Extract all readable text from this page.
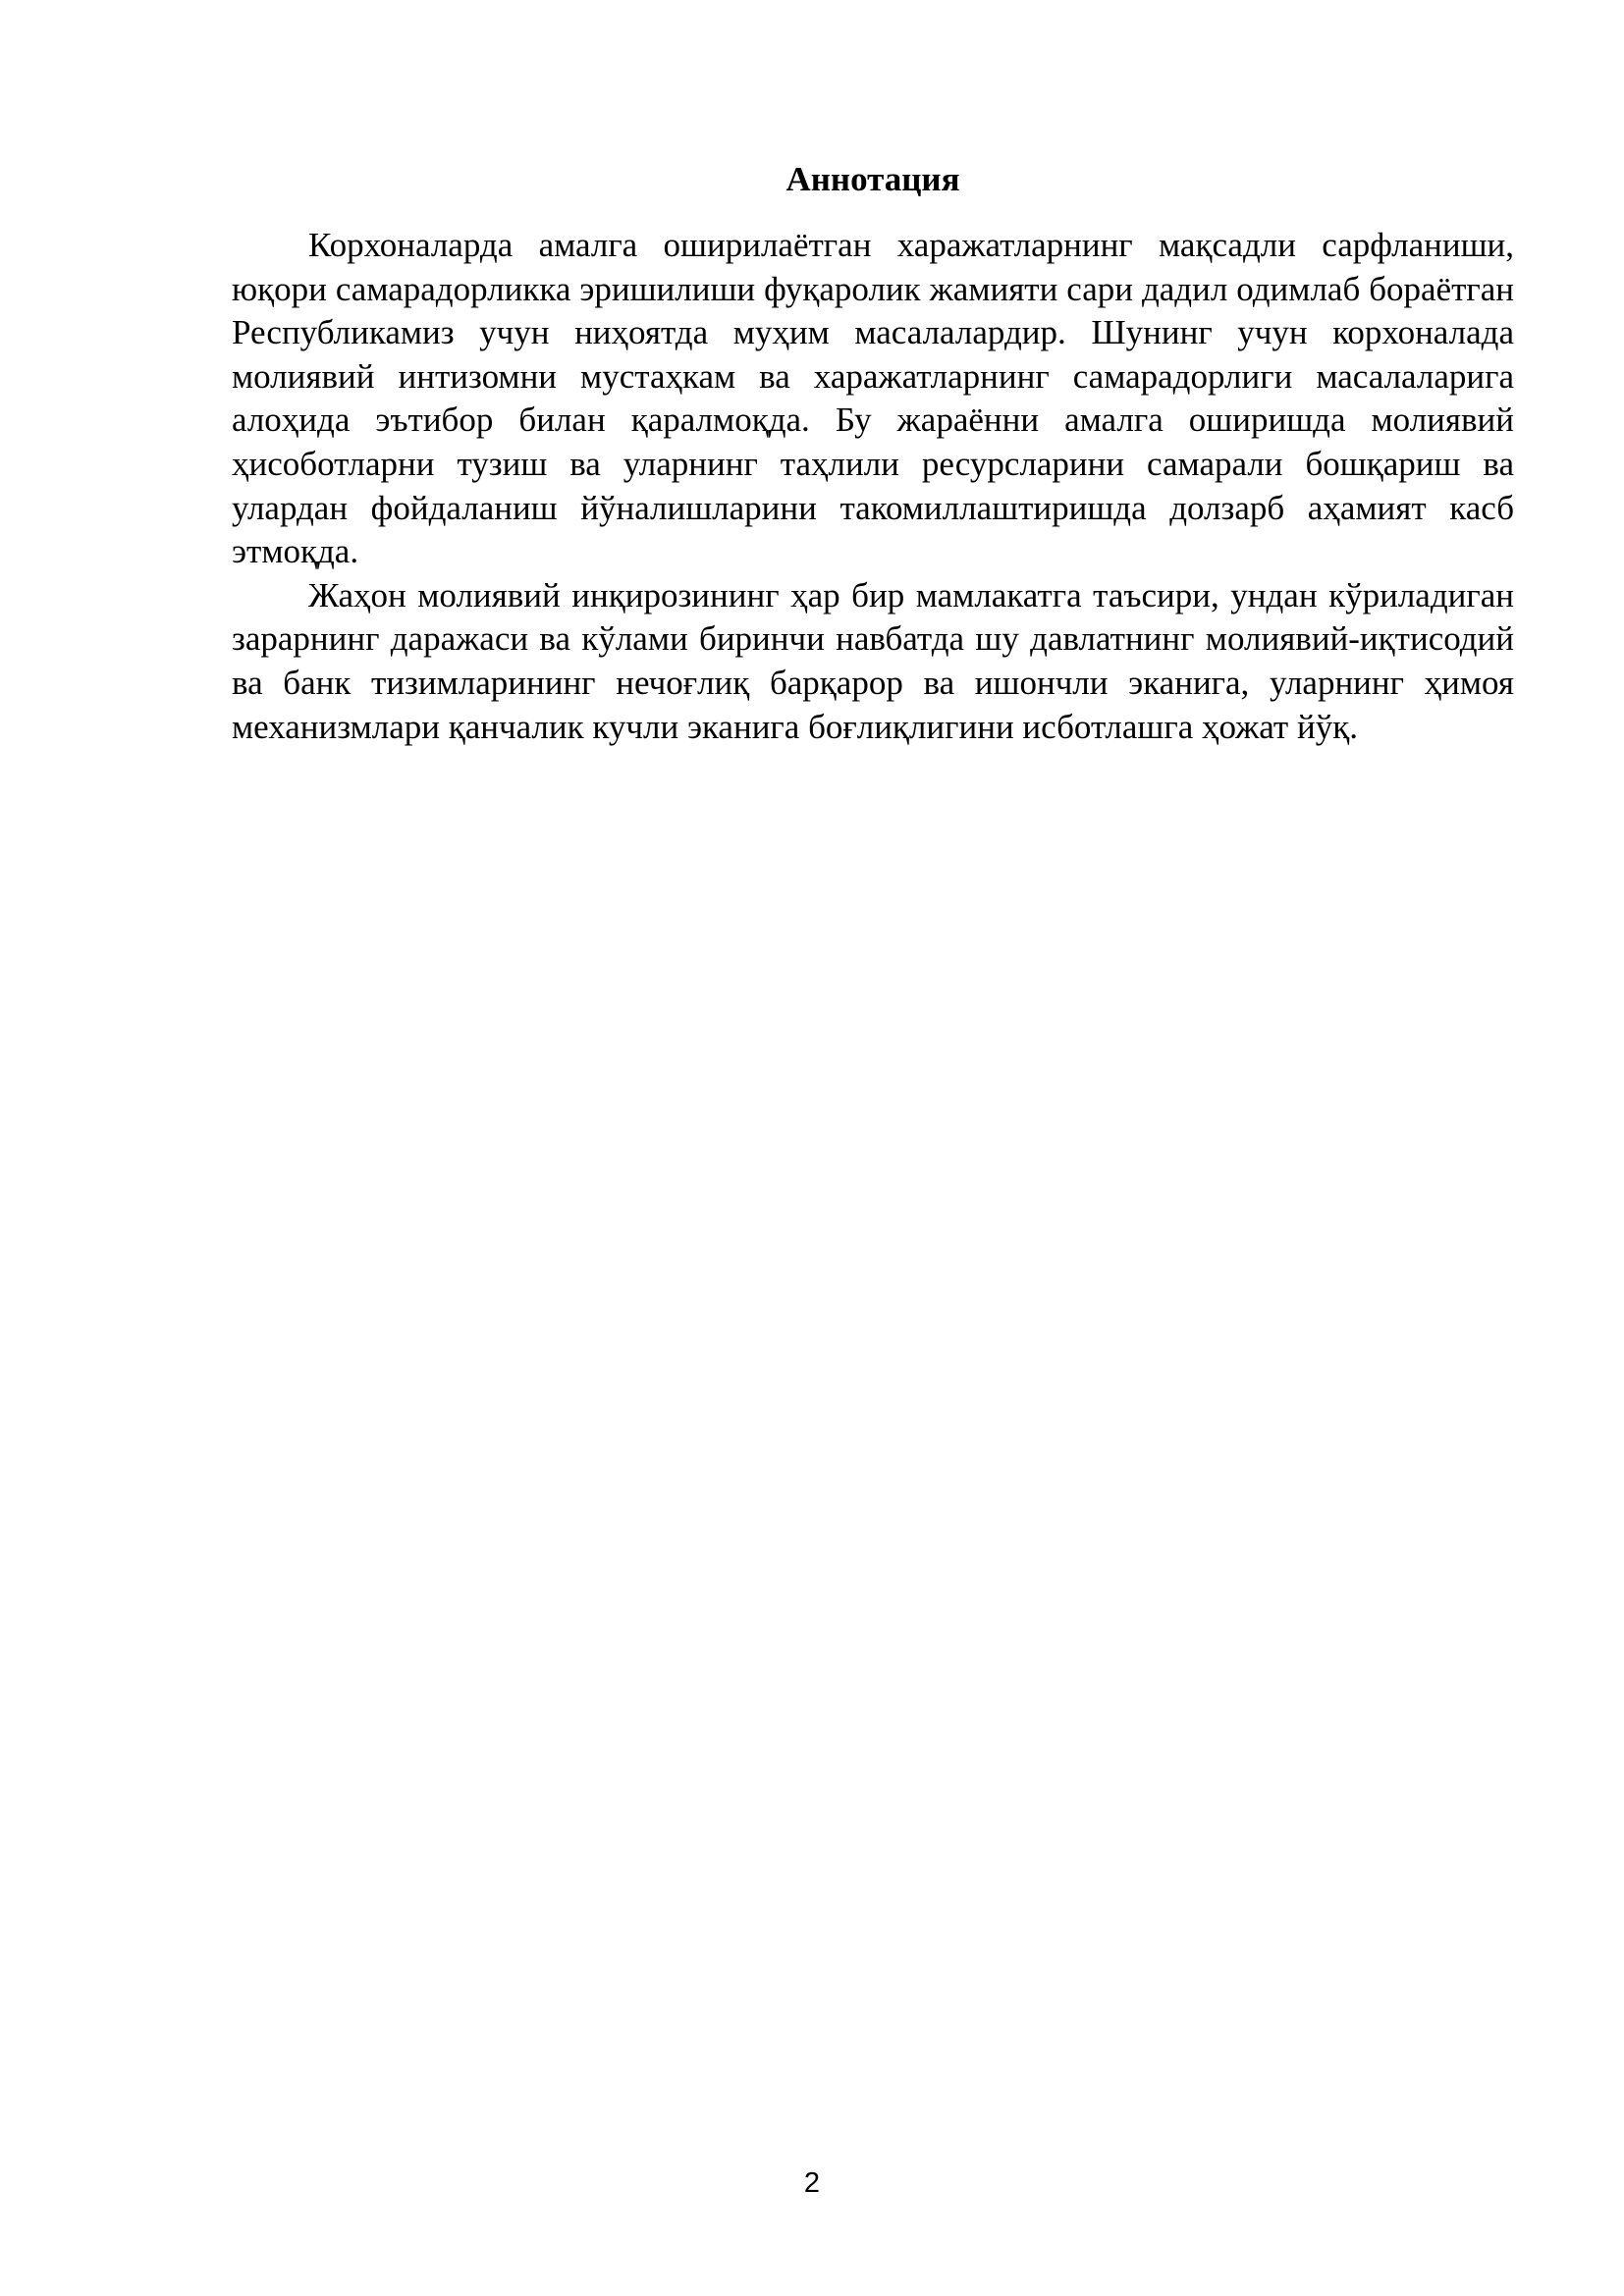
Аннотация

Корхоналарда амалга оширилаётган харажатларнинг мақсадли сарфланиши, юқори самарадорликка эришилиши фуқаролик жамияти сари дадил одимлаб бораётган Республикамиз учун ниҳоятда муҳим масалалардир. Шунинг учун корхоналада молиявий интизомни мустаҳкам ва харажатларнинг самарадорлиги масалаларига алоҳида эътибор билан қаралмоқда. Бу жараённи амалга оширишда молиявий ҳисоботларни тузиш ва уларнинг таҳлили ресурсларини самарали бошқариш ва улардан фойдаланиш йўналишларини такомиллаштиришда долзарб аҳамият касб этмоқда.

Жаҳон молиявий инқирозининг ҳар бир мамлакатга таъсири, ундан кўриладиган зарарнинг даражаси ва кўлами биринчи навбатда шу давлатнинг молиявий-иқтисодий ва банк тизимларининг нечоғлиқ барқарор ва ишончли эканига, уларнинг ҳимоя механизмлари қанчалик кучли эканига боғлиқлигини исботлашга ҳожат йўқ.

2
